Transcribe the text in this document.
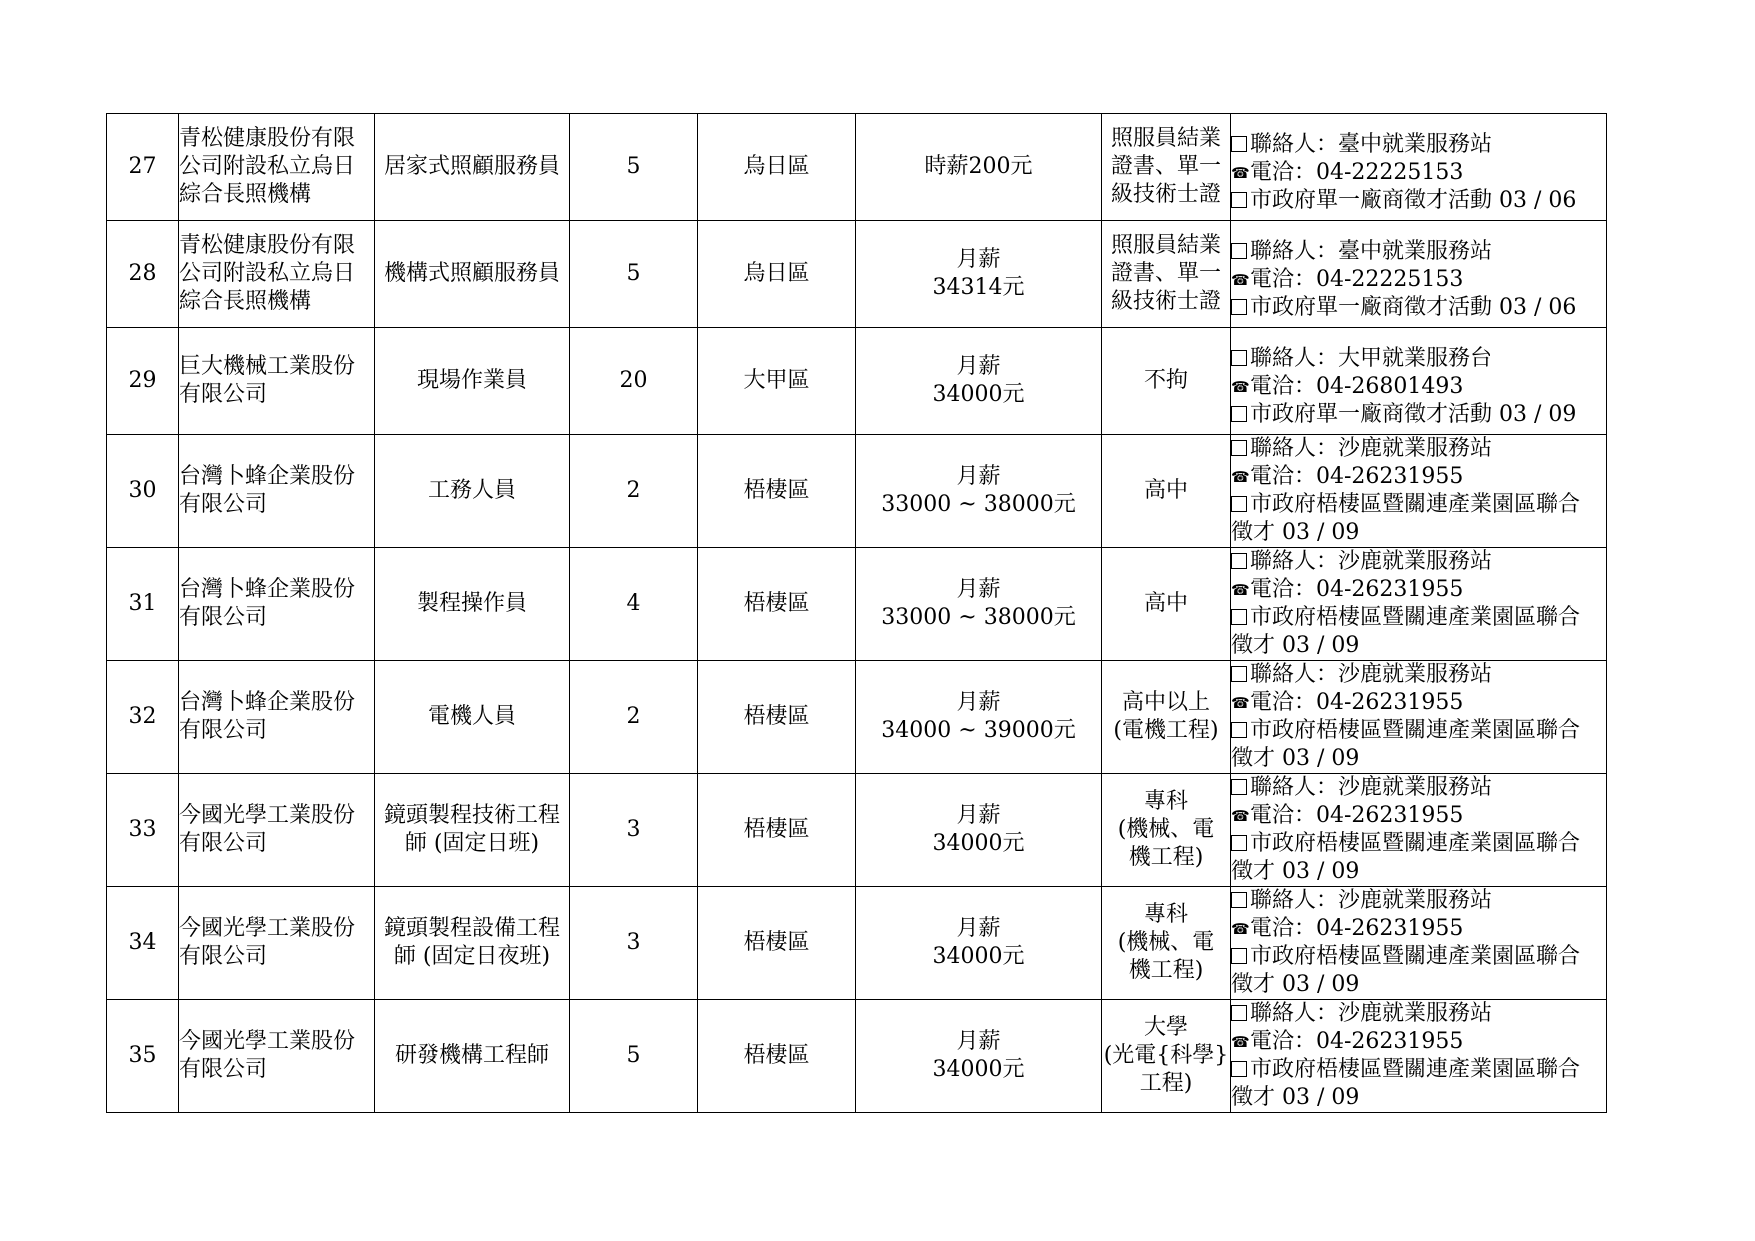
27	青松健康股份有限
公司附設私立烏日
綜合長照機構	居家式照顧服務員	5	烏日區	時薪200元	照服員結業
證書、單一
級技術士證	聯絡人：臺中就業服務站
☎電洽：04-22225153
市政府單一廠商徵才活動 03 / 06

28	青松健康股份有限
公司附設私立烏日
綜合長照機構	機構式照顧服務員	5	烏日區	月薪
34314元	照服員結業
證書、單一
級技術士證	聯絡人：臺中就業服務站
☎電洽：04-22225153
市政府單一廠商徵才活動 03 / 06

29	巨大機械工業股份
有限公司	現場作業員	20	大甲區	月薪
34000元	不拘	聯絡人：大甲就業服務台
☎電洽：04-26801493
市政府單一廠商徵才活動 03 / 09

30	台灣卜蜂企業股份
有限公司	工務人員	2	梧棲區	月薪
33000 ~ 38000元	高中	聯絡人：沙鹿就業服務站
☎電洽：04-26231955
市政府梧棲區暨關連產業園區聯合
徵才 03 / 09

31	台灣卜蜂企業股份
有限公司	製程操作員	4	梧棲區	月薪
33000 ~ 38000元	高中	聯絡人：沙鹿就業服務站
☎電洽：04-26231955
市政府梧棲區暨關連產業園區聯合
徵才 03 / 09

32	台灣卜蜂企業股份
有限公司	電機人員	2	梧棲區	月薪
34000 ~ 39000元	高中以上
(電機工程)	聯絡人：沙鹿就業服務站
☎電洽：04-26231955
市政府梧棲區暨關連產業園區聯合
徵才 03 / 09

33	今國光學工業股份
有限公司	鏡頭製程技術工程
師 (固定日班)	3	梧棲區	月薪
34000元	專科
(機械、電
機工程)	聯絡人：沙鹿就業服務站
☎電洽：04-26231955
市政府梧棲區暨關連產業園區聯合
徵才 03 / 09

34	今國光學工業股份
有限公司	鏡頭製程設備工程
師 (固定日夜班)	3	梧棲區	月薪
34000元	專科
(機械、電
機工程)	聯絡人：沙鹿就業服務站
☎電洽：04-26231955
市政府梧棲區暨關連產業園區聯合
徵才 03 / 09

35	今國光學工業股份
有限公司	研發機構工程師	5	梧棲區	月薪
34000元	大學
(光電{科學}
工程)	聯絡人：沙鹿就業服務站
☎電洽：04-26231955
市政府梧棲區暨關連產業園區聯合
徵才 03 / 09
